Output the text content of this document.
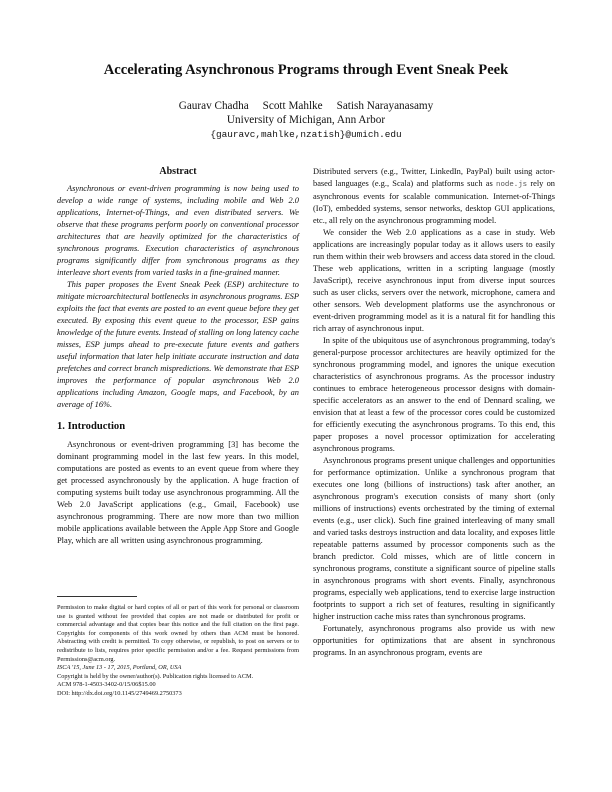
Accelerating Asynchronous Programs through Event Sneak Peek
Gaurav Chadha     Scott Mahlke     Satish Narayanasamy
University of Michigan, Ann Arbor
{gauravc,mahlke,nzatish}@umich.edu
Abstract

Asynchronous or event-driven programming is now being used to develop a wide range of systems, including mobile and Web 2.0 applications, Internet-of-Things, and even distributed servers. We observe that these programs perform poorly on conventional processor architectures that are heavily optimized for the characteristics of synchronous programs. Execution characteristics of asynchronous programs significantly differ from synchronous programs as they interleave short events from varied tasks in a fine-grained manner.

This paper proposes the Event Sneak Peek (ESP) architecture to mitigate microarchitectural bottlenecks in asynchronous programs. ESP exploits the fact that events are posted to an event queue before they get executed. By exposing this event queue to the processor, ESP gains knowledge of the future events. Instead of stalling on long latency cache misses, ESP jumps ahead to pre-execute future events and gathers useful information that later help initiate accurate instruction and data prefetches and correct branch mispredictions. We demonstrate that ESP improves the performance of popular asynchronous Web 2.0 applications including Amazon, Google maps, and Facebook, by an average of 16%.

1. Introduction

Asynchronous or event-driven programming [3] has become the dominant programming model in the last few years. In this model, computations are posted as events to an event queue from where they get processed asynchronously by the application. A huge fraction of computing systems built today use asynchronous programming. All the Web 2.0 JavaScript applications (e.g., Gmail, Facebook) use asynchronous programming. There are now more than two million mobile applications available between the Apple App Store and Google Play, which are all written using asynchronous programming.

Permission to make digital or hard copies of all or part of this work for personal or classroom use is granted without fee provided that copies are not made or distributed for profit or commercial advantage and that copies bear this notice and the full citation on the first page. Copyrights for components of this work owned by others than ACM must be honored. Abstracting with credit is permitted. To copy otherwise, or republish, to post on servers or to redistribute to lists, requires prior specific permission and/or a fee. Request permissions from Permissions@acm.org.

ISCA '15, June 13 - 17, 2015, Portland, OR, USA

Copyright is held by the owner/author(s). Publication rights licensed to ACM.

ACM 978-1-4503-3402-0/15/06$15.00

DOI: http://dx.doi.org/10.1145/2749469.2750373

Distributed servers (e.g., Twitter, LinkedIn, PayPal) built using actor-based languages (e.g., Scala) and platforms such as node.js rely on asynchronous events for scalable communication. Internet-of-Things (IoT), embedded systems, sensor networks, desktop GUI applications, etc., all rely on the asynchronous programming model.

We consider the Web 2.0 applications as a case in study. Web applications are increasingly popular today as it allows users to easily run them within their web browsers and access data stored in the cloud. These web applications, written in a scripting language (mostly JavaScript), receive asynchronous input from diverse input sources such as user clicks, servers over the network, microphone, camera and other sensors. Web development platforms use the asynchronous or event-driven programming model as it is a natural fit for handling this rich array of asynchronous input.

In spite of the ubiquitous use of asynchronous programming, today's general-purpose processor architectures are heavily optimized for the synchronous programming model, and ignores the unique execution characteristics of asynchronous programs. As the processor industry continues to embrace heterogeneous processor designs with domain-specific accelerators as an answer to the end of Dennard scaling, we envision that at least a few of the processor cores could be customized for efficiently executing the asynchronous programs. To this end, this paper proposes a novel processor optimization for accelerating asynchronous programs.

Asynchronous programs present unique challenges and opportunities for performance optimization. Unlike a synchronous program that executes one long (billions of instructions) task after another, an asynchronous program's execution consists of many short (only millions of instructions) events orchestrated by the timing of external events (e.g., user click). Such fine grained interleaving of many small and varied tasks destroys instruction and data locality, and exposes little repeatable patterns assumed by processor components such as the branch predictor. Cold misses, which are of little concern in synchronous programs, constitute a significant source of pipeline stalls in asynchronous programs with short events. Finally, asynchronous programs, especially web applications, tend to exercise large instruction footprints to support a rich set of features, resulting in significantly higher instruction cache miss rates than synchronous programs.

Fortunately, asynchronous programs also provide us with new opportunities for optimizations that are absent in synchronous programs. In an asynchronous program, events are
